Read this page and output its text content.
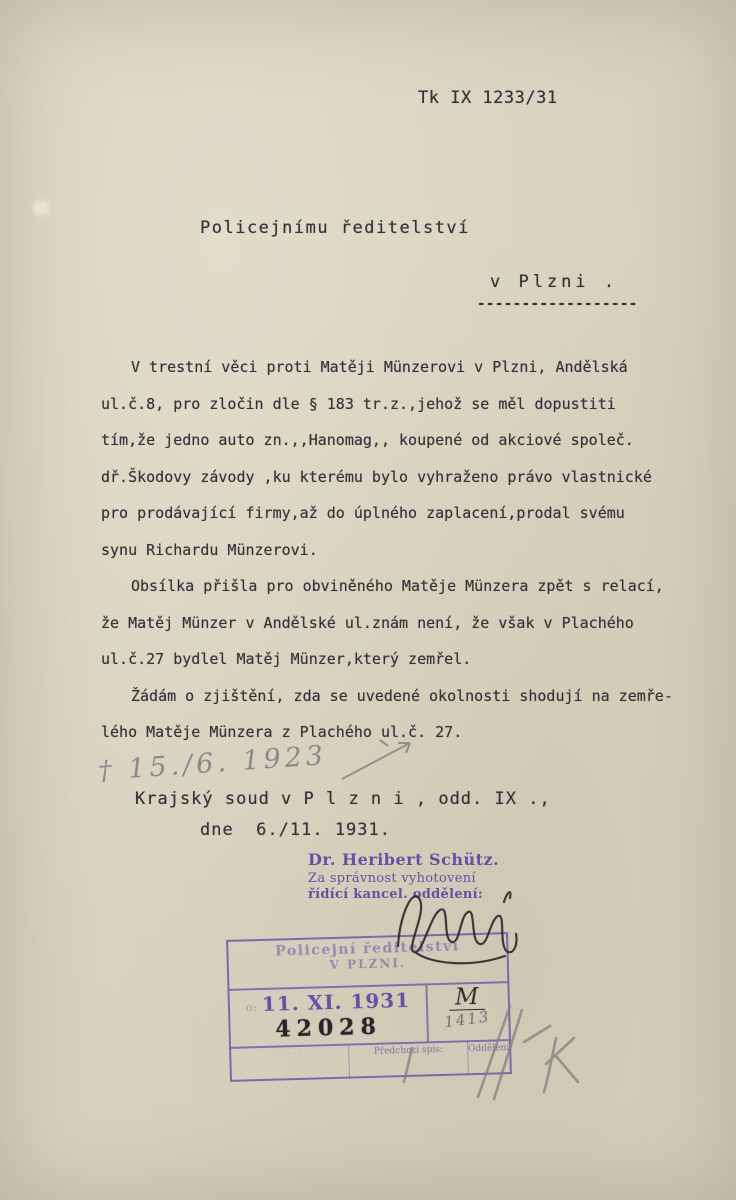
Tk IX 1233/31
Policejnímu ředitelství
v Plzni .
------------------
V trestní věci proti Matěji Münzerovi v Plzni, Andělská
ul.č.8, pro zločin dle § 183 tr.z.,jehož se měl dopustiti
tím,že jedno auto zn.,,Hanomag,, koupené od akciové společ.
dř.Škodovy závody ,ku kterému bylo vyhraženo právo vlastnické
pro prodávající firmy,až do úplného zaplacení,prodal svému
synu Richardu Münzerovi.
Obsílka přišla pro obviněného Matěje Münzera zpět s relací,
že Matěj Münzer v Andělské ul.znám není, že však v Plachého
ul.č.27 bydlel Matěj Münzer,který zemřel.
Žádám o zjištění, zda se uvedené okolnosti shodují na zemře-
lého Matěje Münzera z Plachého ul.č. 27.
† 15./6. 1923
Krajský soud v P l z n i , odd. IX .,
dne  6./11. 1931.
Dr. Heribert Schütz.
Za správnost vyhotovení
řídící kancel. oddělení:
Policejní ředitelství
V PLZNI.
o: 11. XI. 1931
42028
M
1413
·····	Předchozí spis:	Oddělení
